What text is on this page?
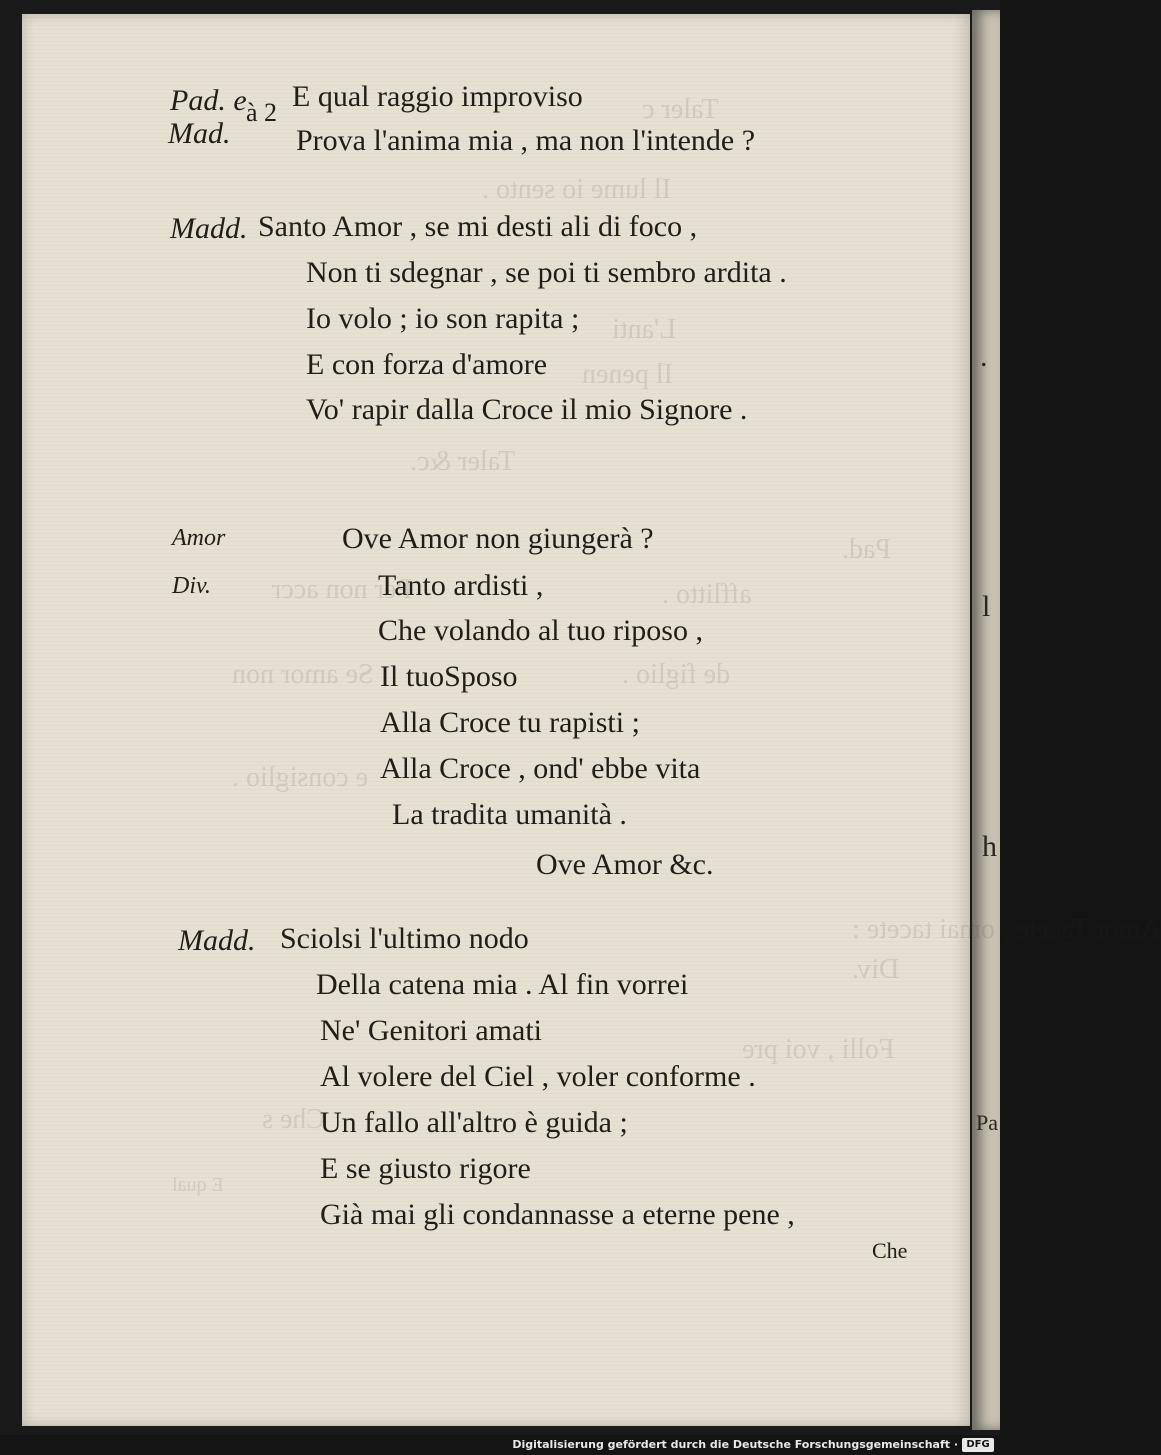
.
l
h
Pa
Taler c
Il lume io sento .
L'anti
Il penen
Taler &c.
Pad.
Per non accr	afflitto .
Se amor non	de figlio .
e consiglio .
Amor Tacete , omai tacete :
Div.
Folli , voi pre
Che s
E qual
Pad. e
Mad.
à 2 E qual raggio improviso
Prova l'anima mia , ma non l'intende ?
Madd. Santo Amor , se mi desti ali di foco ,
Non ti sdegnar , se poi ti sembro ardita .
Io volo ; io son rapita ;
E con forza d'amore
Vo' rapir dalla Croce il mio Signore .
Amor
Div.
Ove Amor non giungerà ?
Tanto ardisti ,
Che volando al tuo riposo ,
Il tuoSposo
Alla Croce tu rapisti ;
Alla Croce , ond' ebbe vita
La tradita umanità .
Ove Amor &c.
Madd. Sciolsi l'ultimo nodo
Della catena mia . Al fin vorrei
Ne' Genitori amati
Al volere del Ciel , voler conforme .
Un fallo all'altro è guida ;
E se giusto rigore
Già mai gli condannasse a eterne pene ,
Che
Digitalisierung gefördert durch die Deutsche Forschungsgemeinschaft · DFG
